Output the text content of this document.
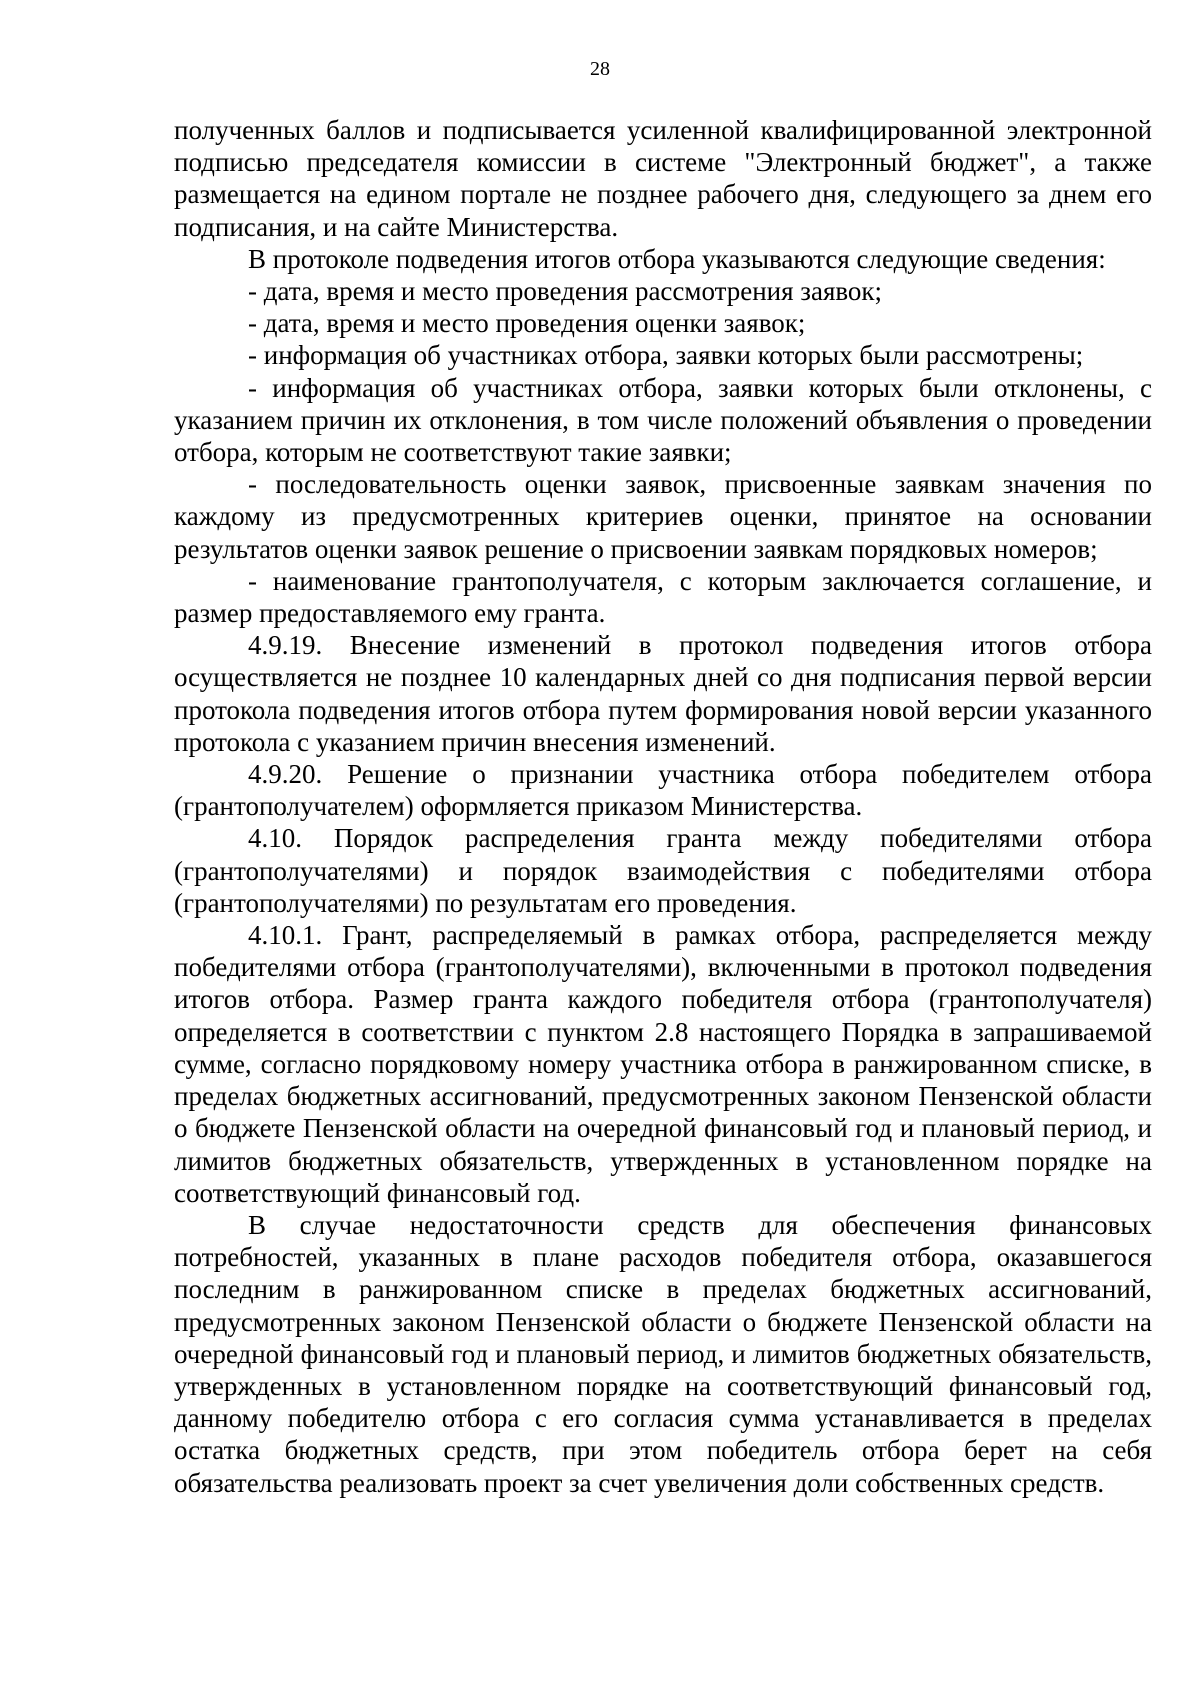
28

полученных баллов и подписывается усиленной квалифицированной электронной подписью председателя комиссии в системе "Электронный бюджет", а также размещается на едином портале не позднее рабочего дня, следующего за днем его подписания, и на сайте Министерства.

В протоколе подведения итогов отбора указываются следующие сведения:

- дата, время и место проведения рассмотрения заявок;

- дата, время и место проведения оценки заявок;

- информация об участниках отбора, заявки которых были рассмотрены;

- информация об участниках отбора, заявки которых были отклонены, с указанием причин их отклонения, в том числе положений объявления о проведении отбора, которым не соответствуют такие заявки;

- последовательность оценки заявок, присвоенные заявкам значения по каждому из предусмотренных критериев оценки, принятое на основании результатов оценки заявок решение о присвоении заявкам порядковых номеров;

- наименование грантополучателя, с которым заключается соглашение, и размер предоставляемого ему гранта.

4.9.19. Внесение изменений в протокол подведения итогов отбора осуществляется не позднее 10 календарных дней со дня подписания первой версии протокола подведения итогов отбора путем формирования новой версии указанного протокола с указанием причин внесения изменений.

4.9.20. Решение о признании участника отбора победителем отбора (грантополучателем) оформляется приказом Министерства.

4.10. Порядок распределения гранта между победителями отбора (грантополучателями) и порядок взаимодействия с победителями отбора (грантополучателями) по результатам его проведения.

4.10.1. Грант, распределяемый в рамках отбора, распределяется между победителями отбора (грантополучателями), включенными в протокол подведения итогов отбора. Размер гранта каждого победителя отбора (грантополучателя) определяется в соответствии с пунктом 2.8 настоящего Порядка в запрашиваемой сумме, согласно порядковому номеру участника отбора в ранжированном списке, в пределах бюджетных ассигнований, предусмотренных законом Пензенской области о бюджете Пензенской области на очередной финансовый год и плановый период, и лимитов бюджетных обязательств, утвержденных в установленном порядке на соответствующий финансовый год.

В случае недостаточности средств для обеспечения финансовых потребностей, указанных в плане расходов победителя отбора, оказавшегося последним в ранжированном списке в пределах бюджетных ассигнований, предусмотренных законом Пензенской области о бюджете Пензенской области на очередной финансовый год и плановый период, и лимитов бюджетных обязательств, утвержденных в установленном порядке на соответствующий финансовый год, данному победителю отбора с его согласия сумма устанавливается в пределах остатка бюджетных средств, при этом победитель отбора берет на себя обязательства реализовать проект за счет увеличения доли собственных средств.
